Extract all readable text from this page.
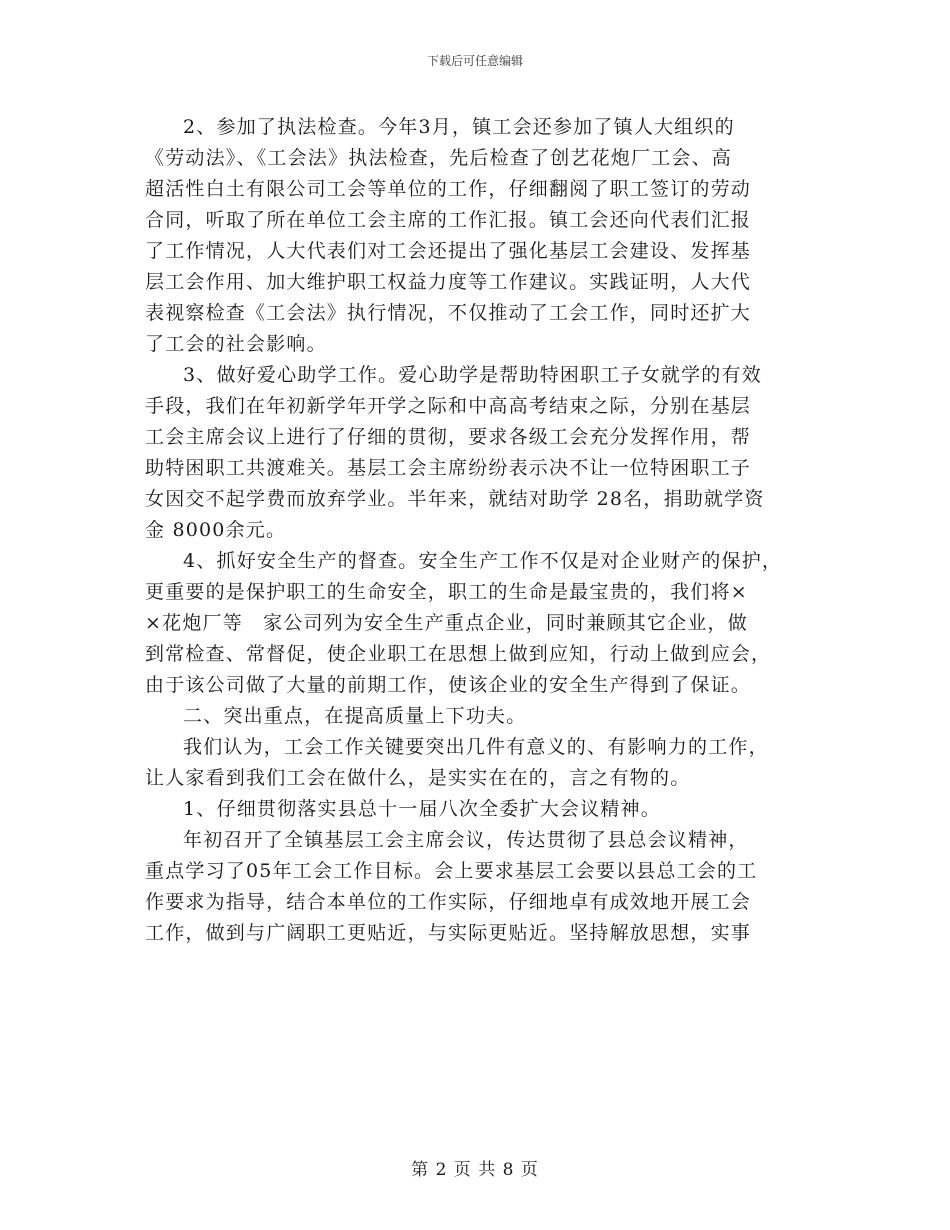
下载后可任意编辑
2、参加了执法检查。今年3月，镇工会还参加了镇人大组织的
《劳动法》、《工会法》执法检查，先后检查了创艺花炮厂工会、高
超活性白土有限公司工会等单位的工作，仔细翻阅了职工签订的劳动
合同，听取了所在单位工会主席的工作汇报。镇工会还向代表们汇报
了工作情况，人大代表们对工会还提出了强化基层工会建设、发挥基
层工会作用、加大维护职工权益力度等工作建议。实践证明，人大代
表视察检查《工会法》执行情况，不仅推动了工会工作，同时还扩大
了工会的社会影响。
3、做好爱心助学工作。爱心助学是帮助特困职工子女就学的有效
手段，我们在年初新学年开学之际和中高高考结束之际，分别在基层
工会主席会议上进行了仔细的贯彻，要求各级工会充分发挥作用，帮
助特困职工共渡难关。基层工会主席纷纷表示决不让一位特困职工子
女因交不起学费而放弃学业。半年来，就结对助学 28名，捐助就学资
金 8000余元。
4、抓好安全生产的督查。安全生产工作不仅是对企业财产的保护，
更重要的是保护职工的生命安全，职工的生命是最宝贵的，我们将×
×花炮厂等　家公司列为安全生产重点企业，同时兼顾其它企业，做
到常检查、常督促，使企业职工在思想上做到应知，行动上做到应会，
由于该公司做了大量的前期工作，使该企业的安全生产得到了保证。
二、突出重点，在提高质量上下功夫。
我们认为，工会工作关键要突出几件有意义的、有影响力的工作，
让人家看到我们工会在做什么，是实实在在的，言之有物的。
1、仔细贯彻落实县总十一届八次全委扩大会议精神。
年初召开了全镇基层工会主席会议，传达贯彻了县总会议精神，
重点学习了05年工会工作目标。会上要求基层工会要以县总工会的工
作要求为指导，结合本单位的工作实际，仔细地卓有成效地开展工会
工作，做到与广阔职工更贴近，与实际更贴近。坚持解放思想，实事
第 2 页 共 8 页
